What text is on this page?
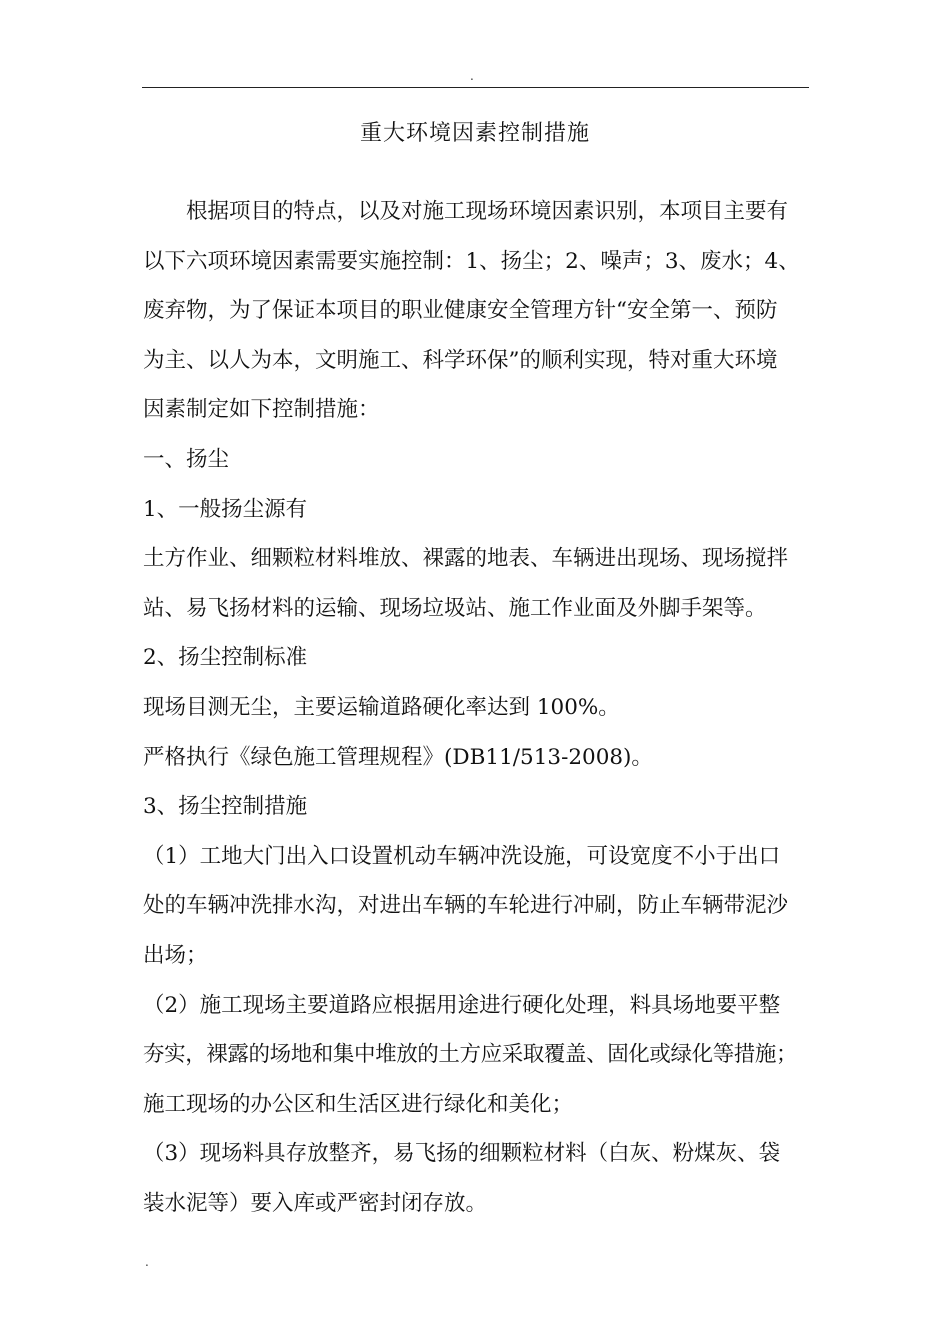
.
重大环境因素控制措施
　　根据项目的特点，以及对施工现场环境因素识别，本项目主要有
以下六项环境因素需要实施控制：1、扬尘；2、噪声；3、废水；4、
废弃物，为了保证本项目的职业健康安全管理方针“安全第一、预防
为主、以人为本，文明施工、科学环保”的顺利实现，特对重大环境
因素制定如下控制措施：
一、扬尘
1、一般扬尘源有
土方作业、细颗粒材料堆放、裸露的地表、车辆进出现场、现场搅拌
站、易飞扬材料的运输、现场垃圾站、施工作业面及外脚手架等。
2、扬尘控制标准
现场目测无尘，主要运输道路硬化率达到 100%。
严格执行《绿色施工管理规程》(DB11/513-2008)。
3、扬尘控制措施
（1）工地大门出入口设置机动车辆冲洗设施，可设宽度不小于出口
处的车辆冲洗排水沟，对进出车辆的车轮进行冲刷，防止车辆带泥沙
出场；
（2）施工现场主要道路应根据用途进行硬化处理，料具场地要平整
夯实，裸露的场地和集中堆放的土方应采取覆盖、固化或绿化等措施；
施工现场的办公区和生活区进行绿化和美化；
（3）现场料具存放整齐，易飞扬的细颗粒材料（白灰、粉煤灰、袋
装水泥等）要入库或严密封闭存放。
.
